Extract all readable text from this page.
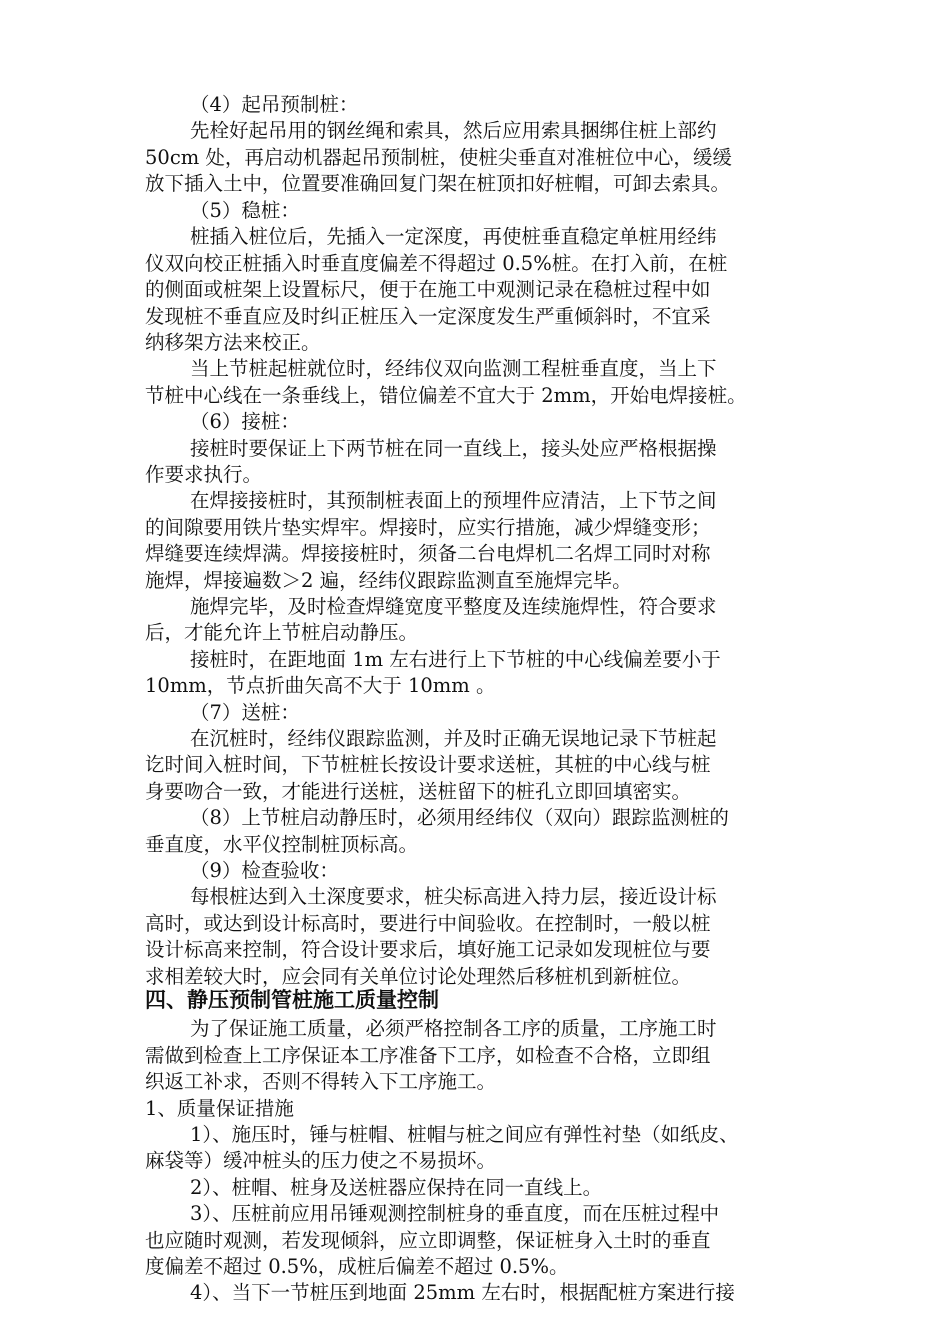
（4）起吊预制桩：
先栓好起吊用的钢丝绳和索具，然后应用索具捆绑住桩上部约
50cm 处，再启动机器起吊预制桩，使桩尖垂直对准桩位中心，缓缓
放下插入土中，位置要准确回复门架在桩顶扣好桩帽，可卸去索具。
（5）稳桩：
桩插入桩位后，先插入一定深度，再使桩垂直稳定单桩用经纬
仪双向校正桩插入时垂直度偏差不得超过 0.5%桩。在打入前，在桩
的侧面或桩架上设置标尺，便于在施工中观测记录在稳桩过程中如
发现桩不垂直应及时纠正桩压入一定深度发生严重倾斜时，不宜采
纳移架方法来校正。
当上节桩起桩就位时，经纬仪双向监测工程桩垂直度，当上下
节桩中心线在一条垂线上，错位偏差不宜大于 2mm，开始电焊接桩。
（6）接桩：
接桩时要保证上下两节桩在同一直线上，接头处应严格根据操
作要求执行。
在焊接接桩时，其预制桩表面上的预埋件应清洁，上下节之间
的间隙要用铁片垫实焊牢。焊接时，应实行措施，减少焊缝变形；
焊缝要连续焊满。焊接接桩时，须备二台电焊机二名焊工同时对称
施焊，焊接遍数＞2 遍，经纬仪跟踪监测直至施焊完毕。
施焊完毕，及时检查焊缝宽度平整度及连续施焊性，符合要求
后，才能允许上节桩启动静压。
接桩时，在距地面 1m 左右进行上下节桩的中心线偏差要小于
10mm，节点折曲矢高不大于 10mm 。
（7）送桩：
在沉桩时，经纬仪跟踪监测，并及时正确无误地记录下节桩起
讫时间入桩时间，下节桩桩长按设计要求送桩，其桩的中心线与桩
身要吻合一致，才能进行送桩，送桩留下的桩孔立即回填密实。
（8）上节桩启动静压时，必须用经纬仪（双向）跟踪监测桩的
垂直度，水平仪控制桩顶标高。
（9）检查验收：
每根桩达到入土深度要求，桩尖标高进入持力层，接近设计标
高时，或达到设计标高时，要进行中间验收。在控制时，一般以桩
设计标高来控制，符合设计要求后，填好施工记录如发现桩位与要
求相差较大时，应会同有关单位讨论处理然后移桩机到新桩位。
四、静压预制管桩施工质量控制
为了保证施工质量，必须严格控制各工序的质量，工序施工时
需做到检查上工序保证本工序准备下工序，如检查不合格，立即组
织返工补求，否则不得转入下工序施工。
1、质量保证措施
1）、施压时，锤与桩帽、桩帽与桩之间应有弹性衬垫（如纸皮、
麻袋等）缓冲桩头的压力使之不易损坏。
2）、桩帽、桩身及送桩器应保持在同一直线上。
3）、压桩前应用吊锤观测控制桩身的垂直度，而在压桩过程中
也应随时观测，若发现倾斜，应立即调整，保证桩身入土时的垂直
度偏差不超过 0.5%，成桩后偏差不超过 0.5%。
4）、当下一节桩压到地面 25mm 左右时，根据配桩方案进行接
